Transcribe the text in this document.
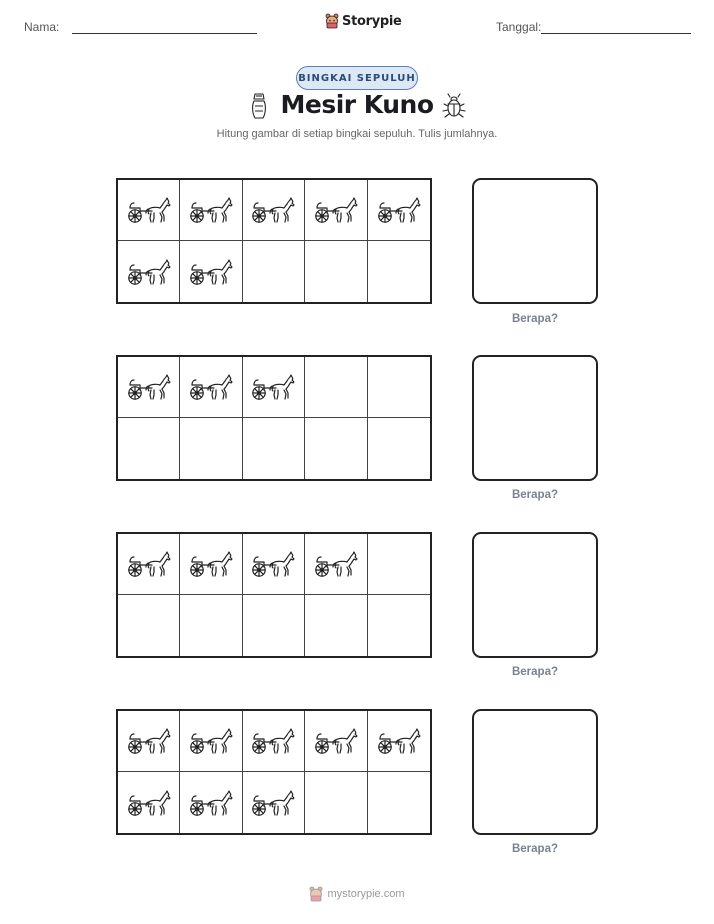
Nama:	Storypie	Tanggal:
BINGKAI SEPULUH
Mesir Kuno
Hitung gambar di setiap bingkai sepuluh. Tulis jumlahnya.
Berapa?
Berapa?
Berapa?
Berapa?
mystorypie.com
